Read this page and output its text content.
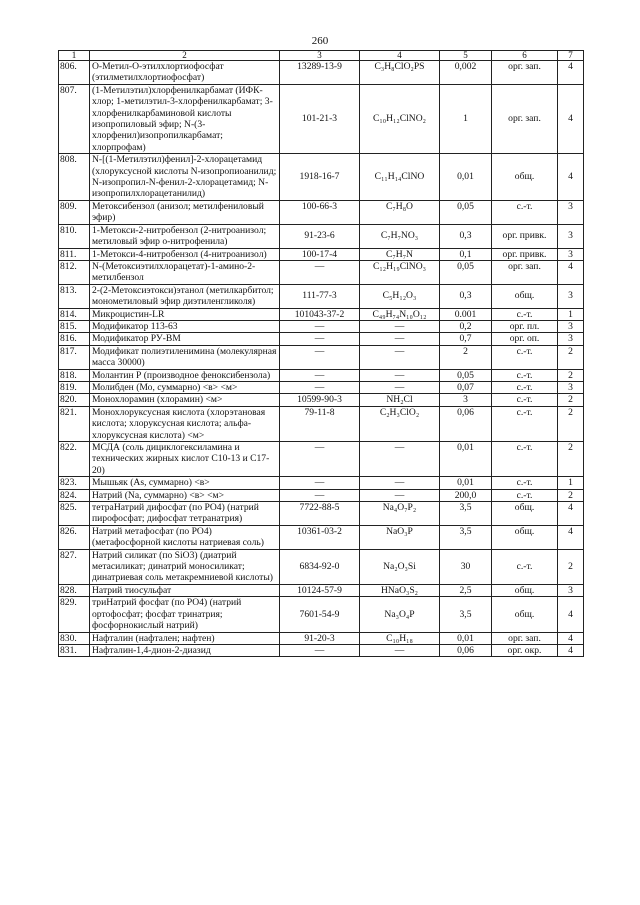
260
1	2	3	4	5	6	7
806.	О-Метил-О-этилхлортиофосфат (этилметилхлортиофосфат)	13289-13-9	C₃H₈ClO₂PS	0,002	орг. зап.	4
807.	(1-Метилэтил)хлорфенилкарбамат (ИФК-хлор; 1-метилэтил-3-хлорфенилкарбамат; 3-хлорфенилкарбаминовой кислоты изопропиловый эфир; N-(3-хлорфенил)изопропилкарбамат; хлорпрофам)	101-21-3	C₁₀H₁₂ClNO₂	1	орг. зап.	4
808.	N-[(1-Метилэтил)фенил]-2-хлорацетамид (хлоруксусной кислоты N-изопропиоанилид; N-изопропил-N-фенил-2-хлорацетамид; N-изопропилхлорацетанилид)	1918-16-7	C₁₁H₁₄ClNO	0,01	общ.	4
809.	Метоксибензол (анизол; метилфениловый эфир)	100-66-3	C₇H₈O	0,05	с.-т.	3
810.	1-Метокси-2-нитробензол (2-нитроанизол; метиловый эфир о-нитрофенила)	91-23-6	C₇H₇NO₃	0,3	орг. привк.	3
811.	1-Метокси-4-нитробензол (4-нитроанизол)	100-17-4	C₇H₇N	0,1	орг. привк.	3
812.	N-(Метоксиэтилхлорацетат)-1-амино-2-метилбензол	—	C₁₂H₁₉ClNO₃	0,05	орг. зап.	4
813.	2-(2-Метоксиэтокси)этанол (метилкарбитол; монометиловый эфир диэтиленгликоля)	111-77-3	C₅H₁₂O₃	0,3	общ.	3
814.	Микроцистин-LR	101043-37-2	C₄₉H₇₄N₁₀O₁₂	0.001	с.-т.	1
815.	Модификатор 113-63	—	—	0,2	орг. пл.	3
816.	Модификатор РУ-ВМ	—	—	0,7	орг. оп.	3
817.	Модификат полиэтиленимина (молекулярная масса 30000)	—	—	2	с.-т.	2
818.	Молантин Р (производное феноксибензола)	—	—	0,05	с.-т.	2
819.	Молибден (Мо, суммарно) <в> <м>	—	—	0,07	с.-т.	3
820.	Монохлорамин (хлорамин) <м>	10599-90-3	NH₂Cl	3	с.-т.	2
821.	Монохлоруксусная кислота (хлорэтановая кислота; хлоруксусная кислота; альфа- хлоруксусная кислота) <м>	79-11-8	C₂H₃ClO₂	0,06	с.-т.	2
822.	МСДА (соль дициклогексиламина и технических жирных кислот С10-13 и С17-20)	—	—	0,01	с.-т.	2
823.	Мышьяк (As, суммарно) <в>	—	—	0,01	с.-т.	1
824.	Натрий (Na, суммарно) <в> <м>	—	—	200,0	с.-т.	2
825.	тетраНатрий дифосфат (по PO4) (натрий пирофосфат; дифосфат тетранатрия)	7722-88-5	Na₄O₇P₂	3,5	общ.	4
826.	Натрий метафосфат (по PO4) (метафосфорной кислоты натриевая соль)	10361-03-2	NaO₃P	3,5	общ.	4
827.	Натрий силикат (по SiO3) (диатрий метасиликат; динатрий моносиликат; динатриевая соль метакремниевой кислоты)	6834-92-0	Na₂O₃Si	30	с.-т.	2
828.	Натрий тиосульфат	10124-57-9	HNaO₃S₂	2,5	общ.	3
829.	триНатрий фосфат (по PO4) (натрий ортофосфат; фосфат тринатрия; фосфорнокислый натрий)	7601-54-9	Na₃O₄P	3,5	общ.	4
830.	Нафталин (нафтален; нафтен)	91-20-3	C₁₀H₁₈	0,01	орг. зап.	4
831.	Нафталин-1,4-дион-2-диазид	—	—	0,06	орг. окр.	4
